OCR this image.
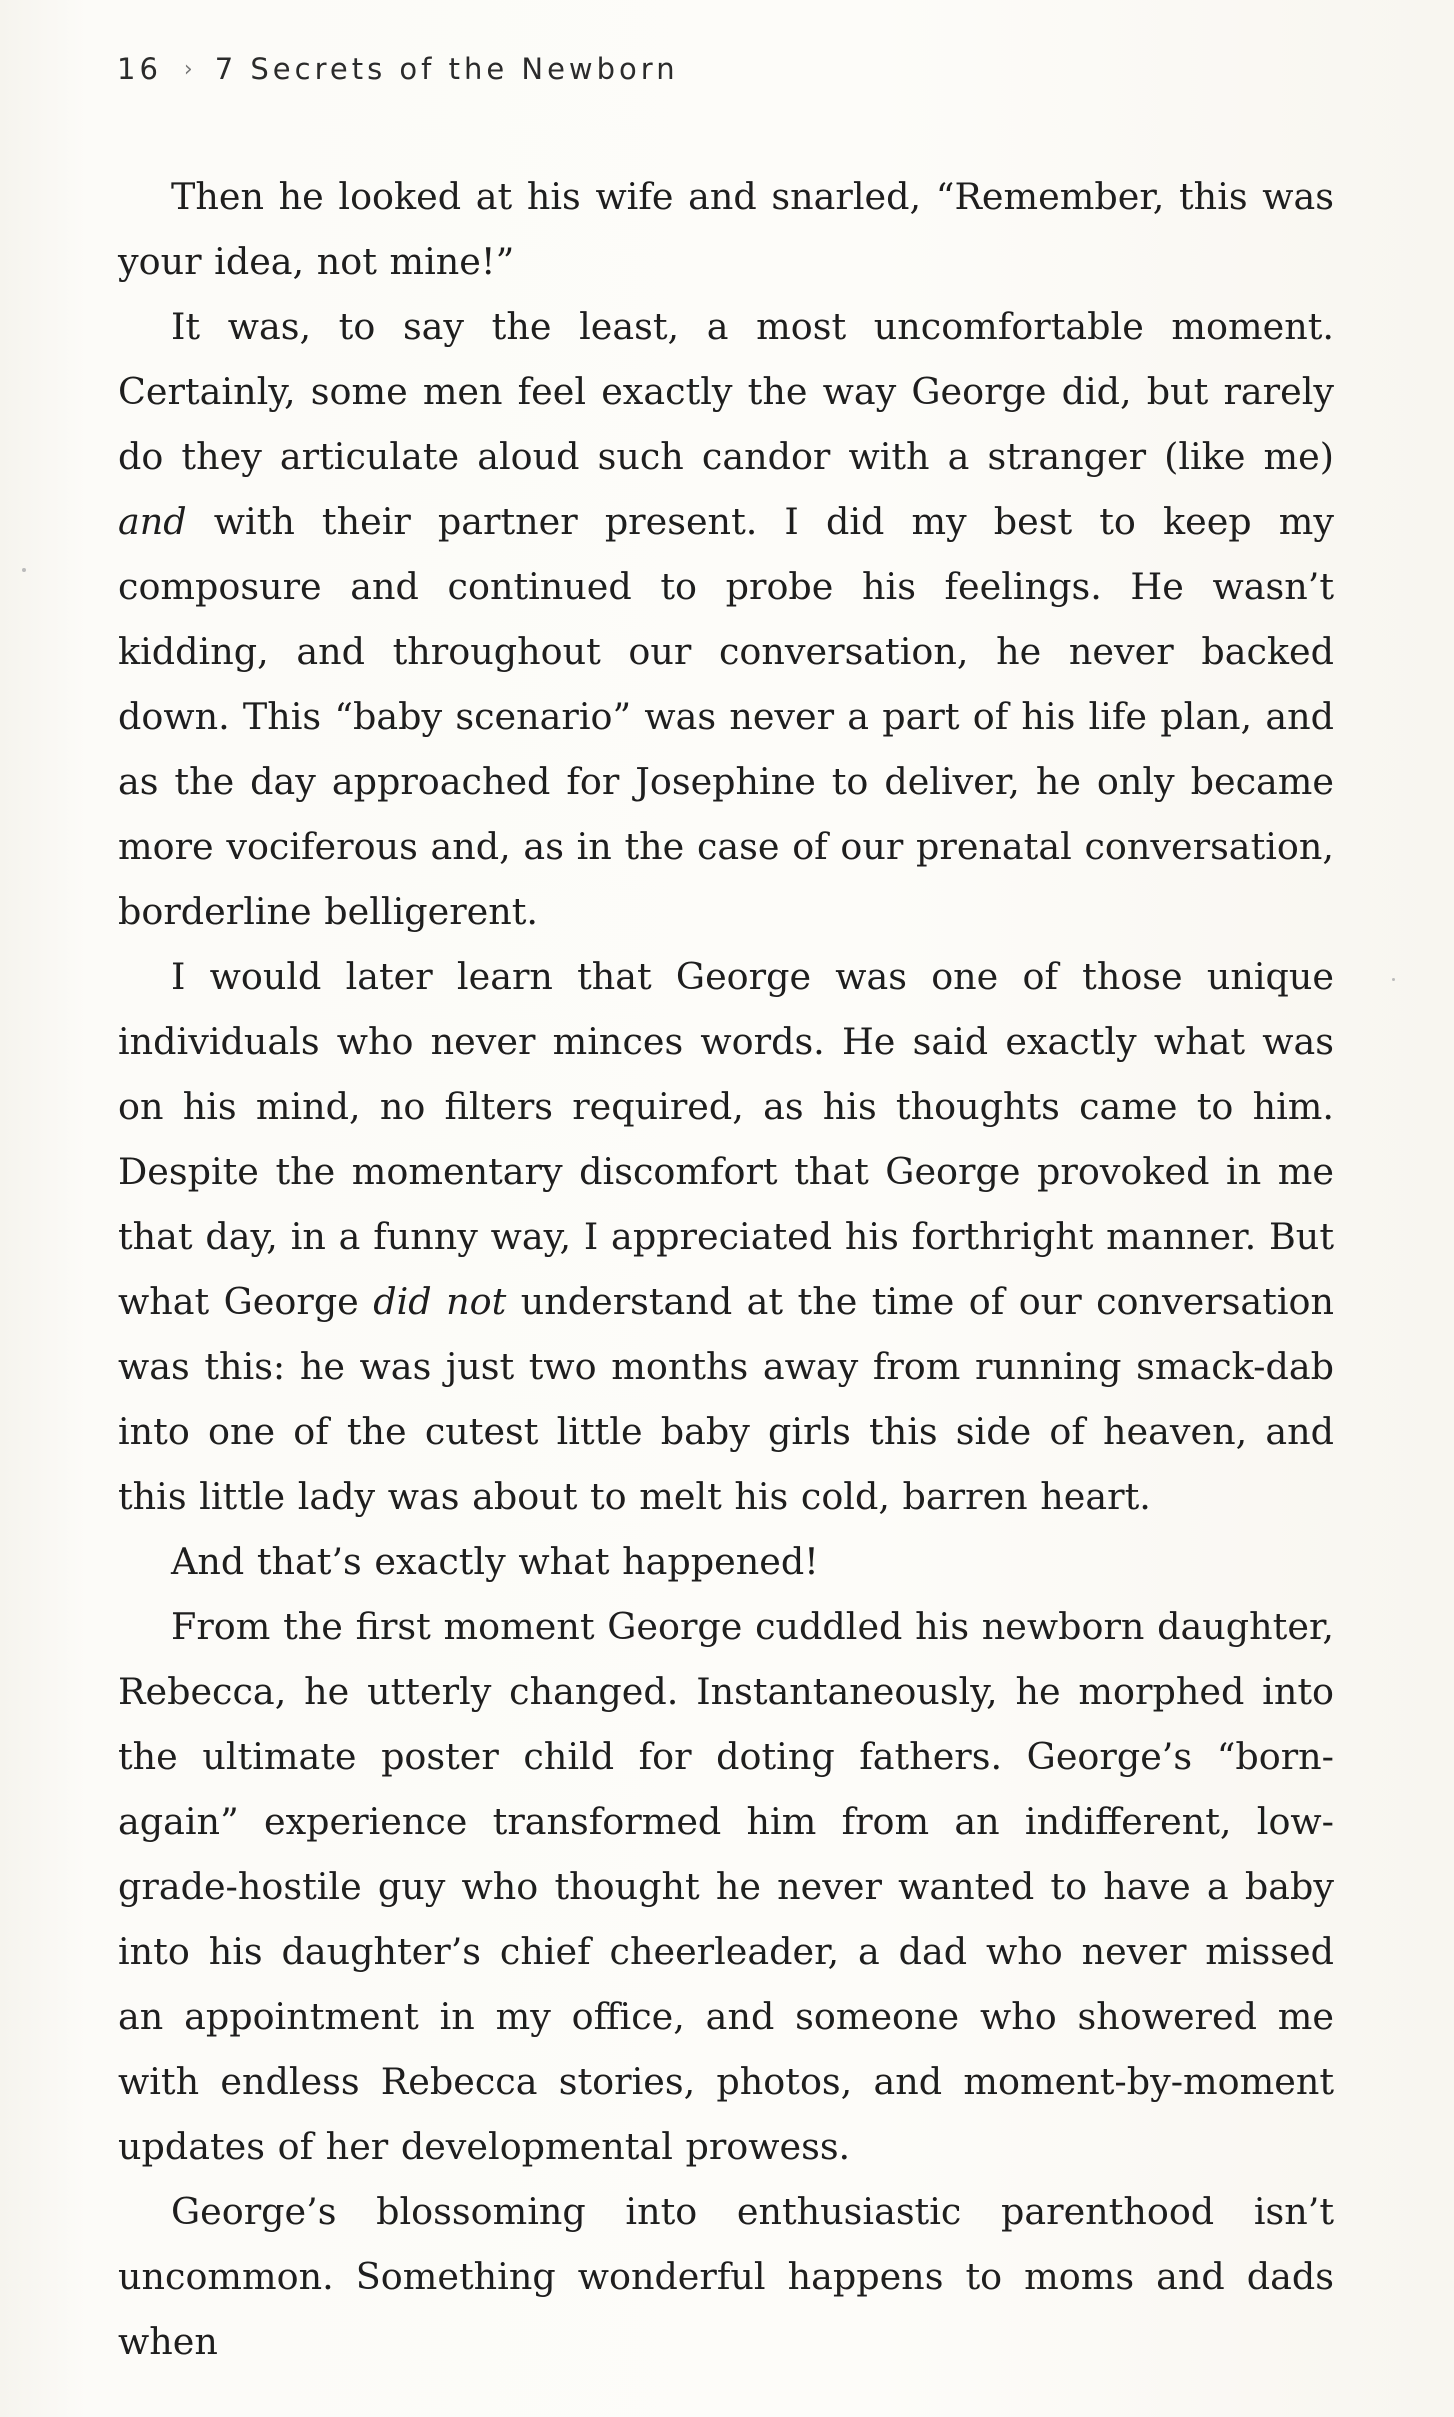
16 › 7 Secrets of the Newborn

Then he looked at his wife and snarled, “Remember, this was your idea, not mine!”

It was, to say the least, a most uncomfortable moment. Certainly, some men feel exactly the way George did, but rarely do they articulate aloud such candor with a stranger (like me) and with their partner present. I did my best to keep my composure and continued to probe his feelings. He wasn’t kidding, and throughout our conversation, he never backed down. This “baby scenario” was never a part of his life plan, and as the day approached for Josephine to deliver, he only became more vociferous and, as in the case of our prenatal conversation, borderline belligerent.

I would later learn that George was one of those unique individuals who never minces words. He said exactly what was on his mind, no filters required, as his thoughts came to him. Despite the momentary discomfort that George provoked in me that day, in a funny way, I appreciated his forthright manner. But what George did not understand at the time of our conversation was this: he was just two months away from running smack-dab into one of the cutest little baby girls this side of heaven, and this little lady was about to melt his cold, barren heart.

And that’s exactly what happened!

From the first moment George cuddled his newborn daughter, Rebecca, he utterly changed. Instantaneously, he morphed into the ultimate poster child for doting fathers. George’s “born-again” experience transformed him from an indifferent, low-grade-hostile guy who thought he never wanted to have a baby into his daughter’s chief cheerleader, a dad who never missed an appointment in my office, and someone who showered me with endless Rebecca stories, photos, and moment-by-moment updates of her developmental prowess.

George’s blossoming into enthusiastic parenthood isn’t uncommon. Something wonderful happens to moms and dads when
